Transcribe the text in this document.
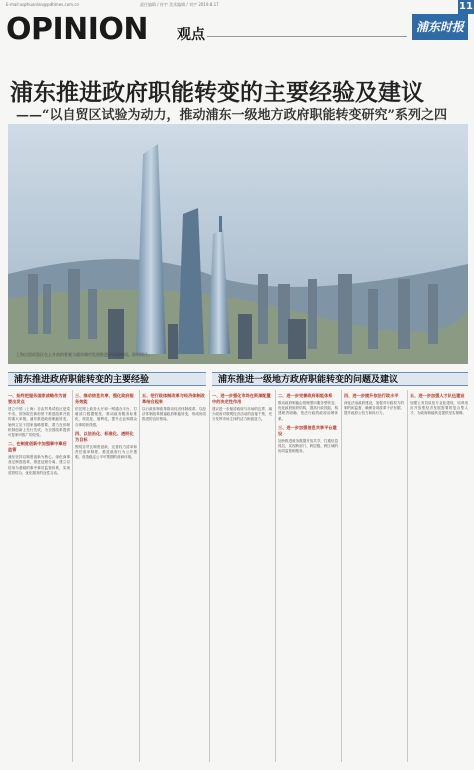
E-mail:xqzhuanlan@pdtimes.com.cn	责任编辑 / 佟宇 美术编辑 / 刘宇 2019.8.17	11
OPINION 观点	浦东时报
浦东推进政府职能转变的主要经验及建议
——“以自贸区试验为动力，推动浦东一级地方政府职能转变研究”系列之四
上海自贸试验区在上升前的景观与浦东城市发展推进形成新格局。资料图片。
浦东推进政府职能转变的主要经验	浦东推进一级地方政府职能转变的问题及建议
一、始终把服务国家战略作为首要出发点

建立中国（上海）自由贸易试验区是党中央、国务院在新形势下推进改革开放的重大举措。浦东推进政府职能转变，始终立足于国家战略需要，着力在体制机制创新上先行先试，为全国改革提供可复制可推广的经验。

二、在制度创新中加强事中事后监管

浦东坚持以制度创新为核心，深化商事登记制度改革，推进证照分离，建立以信用为基础的事中事后监管体系，实现放管结合、优化服务的良性互动。

三、推动信息共享，强化政府服务效能

依托网上政务大厅和一网通办平台，打破部门数据壁垒，推动政务服务标准化、规范化、便利化，提升企业和群众办事的获得感。

四、以法治化、标准化、透明化为目标

围绕自贸区制度创新，完善权力清单和责任清单制度，推进政府行为公开透明，营造稳定公平可预期的营商环境。

五、把行政体制改革与经济体制改革结合起来

以行政体制改革推动经济体制改革，以经济体制改革倒逼政府职能转变，形成协同推进的良好格局。

一、进一步强化市场在资源配置中的决定性作用

建议进一步厘清政府与市场的边界，减少政府对微观经济活动的直接干预，充分发挥市场主体的活力和创造力。

二、进一步完善政府职能体系

推动政府职能由管理型向服务型转变，优化政府组织结构，提高行政效能，构建职责明确、依法行政的政府治理体系。

三、进一步加强信息共享平台建设

加快推进政务数据开放共享，打通信息孤岛，实现跨部门、跨层级、跨区域的协同监管和服务。

四、进一步提升依法行政水平

深化法治政府建设，加强对行政权力的制约和监督，确保各项改革于法有据，提升政府公信力和执行力。

五、进一步加强人才队伍建设

加强公务员队伍专业化建设，培养适应开放型经济发展需要的复合型人才，为政府职能转变提供坚实保障。
